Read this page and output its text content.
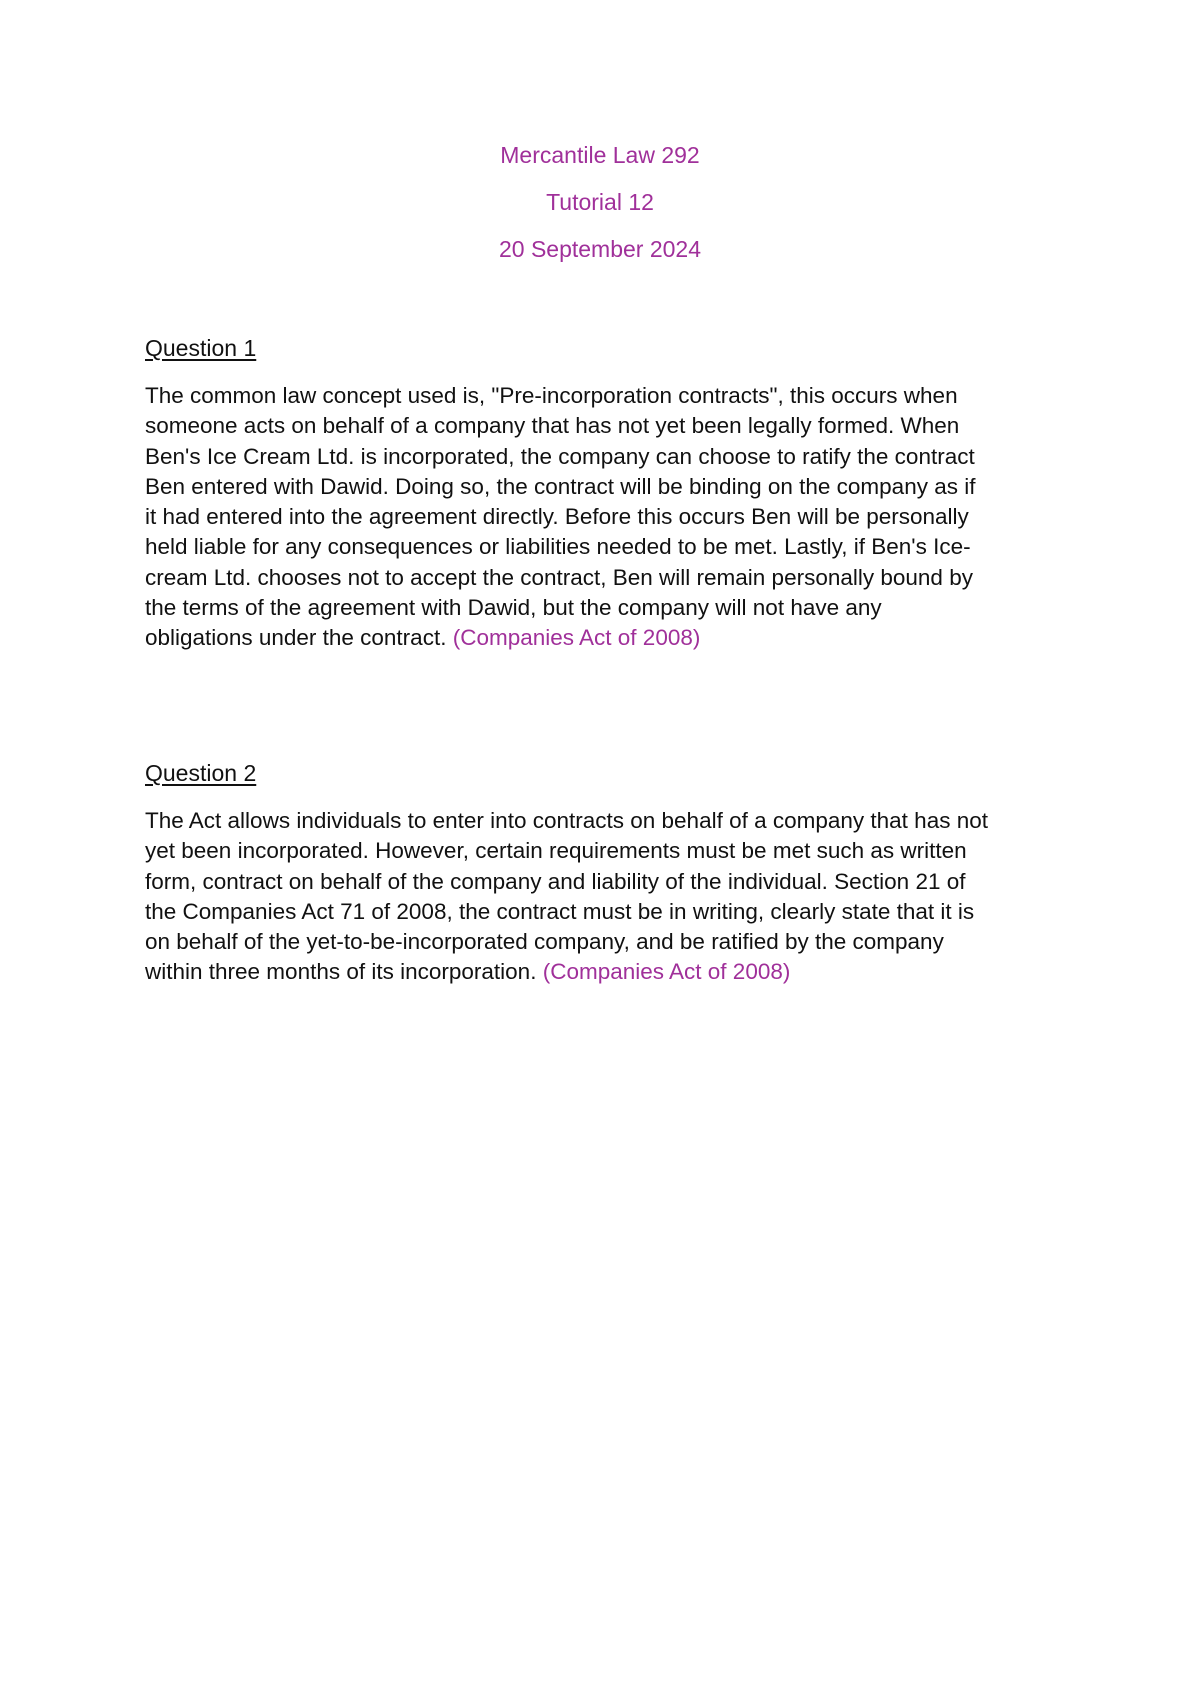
Mercantile Law 292
Tutorial 12
20 September 2024
Question 1

The common law concept used is, "Pre-incorporation contracts", this occurs when
someone acts on behalf of a company that has not yet been legally formed. When
Ben's Ice Cream Ltd. is incorporated, the company can choose to ratify the contract
Ben entered with Dawid. Doing so, the contract will be binding on the company as if
it had entered into the agreement directly. Before this occurs Ben will be personally
held liable for any consequences or liabilities needed to be met. Lastly, if Ben's Ice-
cream Ltd. chooses not to accept the contract, Ben will remain personally bound by
the terms of the agreement with Dawid, but the company will not have any
obligations under the contract. (Companies Act of 2008)

Question 2

The Act allows individuals to enter into contracts on behalf of a company that has not
yet been incorporated. However, certain requirements must be met such as written
form, contract on behalf of the company and liability of the individual. Section 21 of
the Companies Act 71 of 2008, the contract must be in writing, clearly state that it is
on behalf of the yet-to-be-incorporated company, and be ratified by the company
within three months of its incorporation. (Companies Act of 2008)
